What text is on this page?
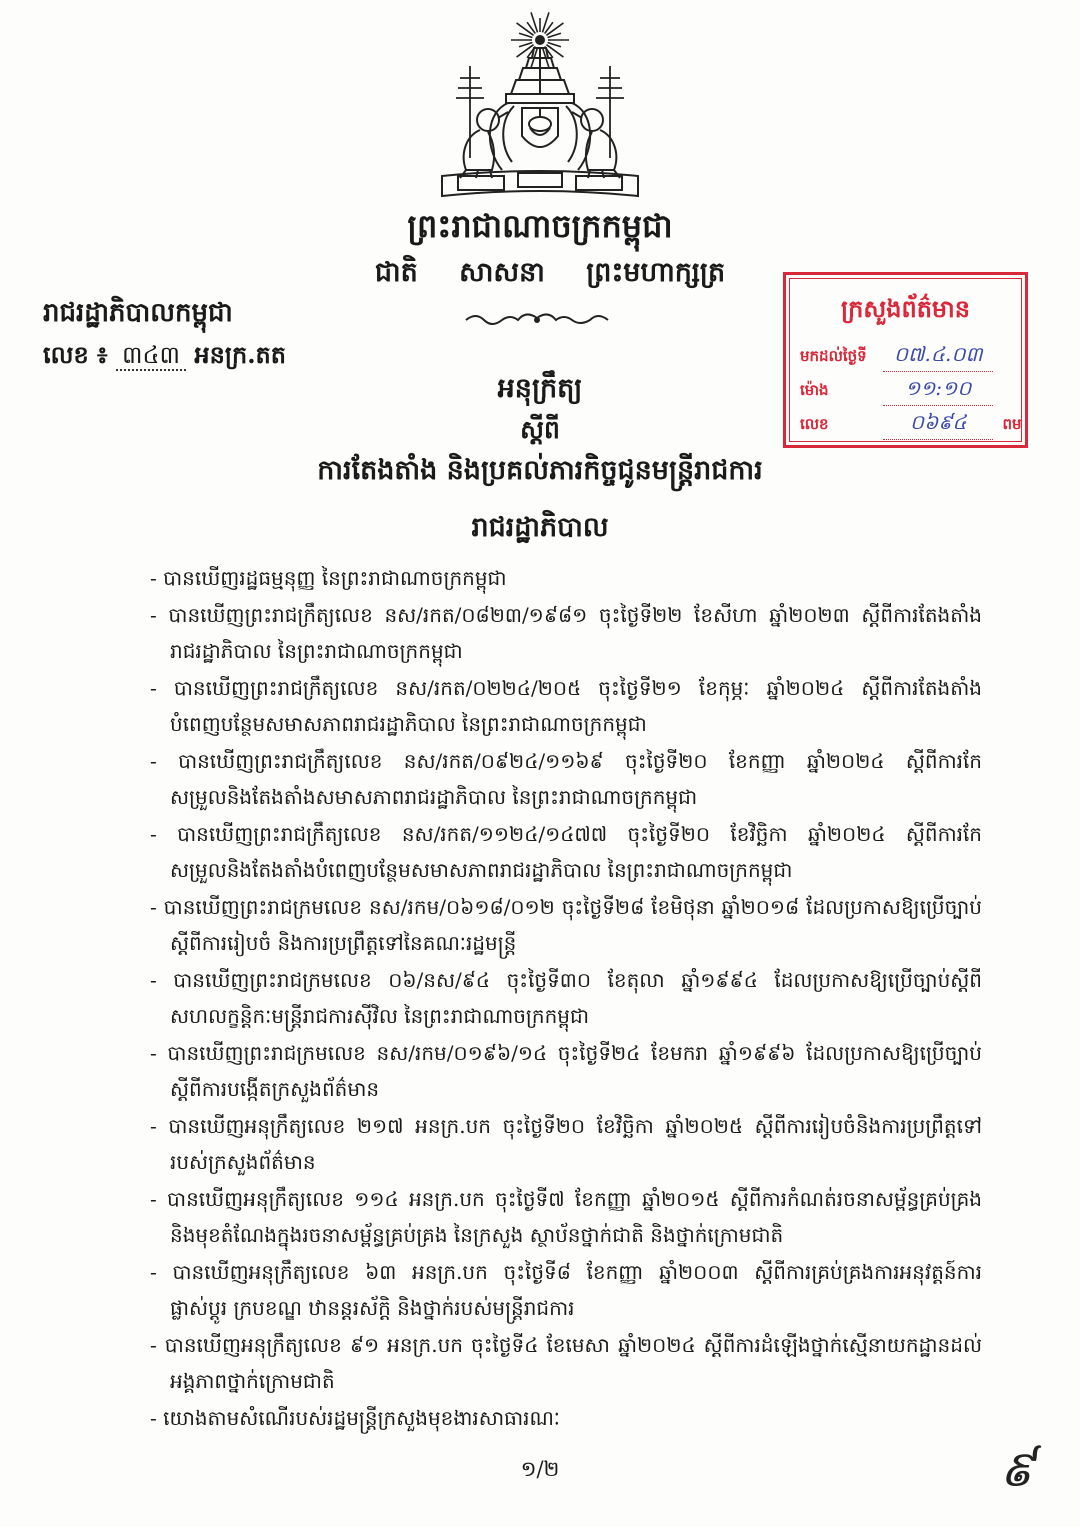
ព្រះរាជាណាចក្រកម្ពុជា
ជាតិ សាសនា ព្រះមហាក្សត្រ
រាជរដ្ឋាភិបាលកម្ពុជា
លេខ ៖ ៣៤៣ អនក្រ.តត
ក្រសួងព័ត៌មាន
មកដល់ថ្ងៃទី ០៧.៤.០៣
ម៉ោង	១១:១០
លេខ	០៦៩៤ ពម
អនុក្រឹត្យ
ស្ដីពី
ការតែងតាំង និងប្រគល់ភារកិច្ចជូនមន្ត្រីរាជការ
រាជរដ្ឋាភិបាល
- បានឃើញរដ្ឋធម្មនុញ្ញ នៃព្រះរាជាណាចក្រកម្ពុជា
- បានឃើញព្រះរាជក្រឹត្យលេខ នស/រកត/០៨២៣/១៩៨១ ចុះថ្ងៃទី២២ ខែសីហា ឆ្នាំ២០២៣ ស្ដីពីការតែងតាំង
រាជរដ្ឋាភិបាល នៃព្រះរាជាណាចក្រកម្ពុជា
- បានឃើញព្រះរាជក្រឹត្យលេខ នស/រកត/០២២៤/២០៥ ចុះថ្ងៃទី២១ ខែកុម្ភៈ ឆ្នាំ២០២៤ ស្ដីពីការតែងតាំង
បំពេញបន្ថែមសមាសភាពរាជរដ្ឋាភិបាល នៃព្រះរាជាណាចក្រកម្ពុជា
- បានឃើញព្រះរាជក្រឹត្យលេខ នស/រកត/០៩២៤/១១៦៩ ចុះថ្ងៃទី២០ ខែកញ្ញា ឆ្នាំ២០២៤ ស្ដីពីការកែ
សម្រួលនិងតែងតាំងសមាសភាពរាជរដ្ឋាភិបាល នៃព្រះរាជាណាចក្រកម្ពុជា
- បានឃើញព្រះរាជក្រឹត្យលេខ នស/រកត/១១២៤/១៤៧៧ ចុះថ្ងៃទី២០ ខែវិច្ឆិកា ឆ្នាំ២០២៤ ស្ដីពីការកែ
សម្រួលនិងតែងតាំងបំពេញបន្ថែមសមាសភាពរាជរដ្ឋាភិបាល នៃព្រះរាជាណាចក្រកម្ពុជា
- បានឃើញព្រះរាជក្រមលេខ នស/រកម/០៦១៨/០១២ ចុះថ្ងៃទី២៨ ខែមិថុនា ឆ្នាំ២០១៨ ដែលប្រកាសឱ្យប្រើច្បាប់
ស្ដីពីការរៀបចំ និងការប្រព្រឹត្តទៅនៃគណៈរដ្ឋមន្ត្រី
- បានឃើញព្រះរាជក្រមលេខ ០៦/នស/៩៤ ចុះថ្ងៃទី៣០ ខែតុលា ឆ្នាំ១៩៩៤ ដែលប្រកាសឱ្យប្រើច្បាប់ស្ដីពី
សហលក្ខន្តិកៈមន្ត្រីរាជការស៊ីវិល នៃព្រះរាជាណាចក្រកម្ពុជា
- បានឃើញព្រះរាជក្រមលេខ នស/រកម/០១៩៦/១៤ ចុះថ្ងៃទី២៤ ខែមករា ឆ្នាំ១៩៩៦ ដែលប្រកាសឱ្យប្រើច្បាប់
ស្ដីពីការបង្កើតក្រសួងព័ត៌មាន
- បានឃើញអនុក្រឹត្យលេខ ២១៧ អនក្រ.បក ចុះថ្ងៃទី២០ ខែវិច្ឆិកា ឆ្នាំ២០២៥ ស្ដីពីការរៀបចំនិងការប្រព្រឹត្តទៅ
របស់ក្រសួងព័ត៌មាន
- បានឃើញអនុក្រឹត្យលេខ ១១៤ អនក្រ.បក ចុះថ្ងៃទី៧ ខែកញ្ញា ឆ្នាំ២០១៥ ស្ដីពីការកំណត់រចនាសម្ព័ន្ធគ្រប់គ្រង
និងមុខតំណែងក្នុងរចនាសម្ព័ន្ធគ្រប់គ្រង នៃក្រសួង ស្ថាប័នថ្នាក់ជាតិ និងថ្នាក់ក្រោមជាតិ
- បានឃើញអនុក្រឹត្យលេខ ៦៣ អនក្រ.បក ចុះថ្ងៃទី៨ ខែកញ្ញា ឆ្នាំ២០០៣ ស្ដីពីការគ្រប់គ្រងការអនុវត្តន៍ការ
ផ្លាស់ប្ដូរ ក្របខណ្ឌ ឋានន្តរស័ក្ដិ និងថ្នាក់របស់មន្ត្រីរាជការ
- បានឃើញអនុក្រឹត្យលេខ ៩១ អនក្រ.បក ចុះថ្ងៃទី៤ ខែមេសា ឆ្នាំ២០២៤ ស្ដីពីការដំឡើងថ្នាក់ស្មើនាយកដ្ឋានដល់
អង្គភាពថ្នាក់ក្រោមជាតិ
- យោងតាមសំណើរបស់រដ្ឋមន្ត្រីក្រសួងមុខងារសាធារណៈ
១/២	៩
